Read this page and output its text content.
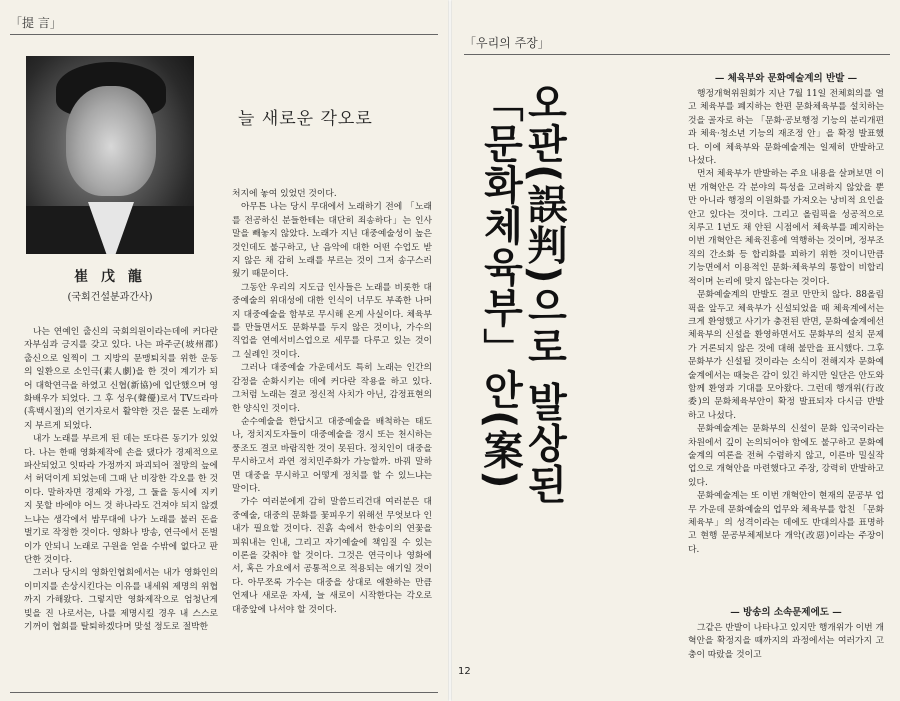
「提 言」
늘 새로운 각오로
崔 戊 龍
(국회건설분과간사)

나는 연예인 출신의 국회의원이라는데에 커다란 자부심과 긍지를 갖고 있다. 나는 파주군(坡州郡)출신으로 일찍이 그 지방의 문맹퇴치를 위한 운동의 일환으로 소인극(素人劇)을 한 것이 계기가 되어 대학연극을 하였고 신협(新協)에 입단했으며 영화배우가 되었다. 그 후 성우(聲優)로서 TV드라마(흑백시절)의 연기자로서 활약한 것은 물론 노래까지 부르게 되었다.

내가 노래를 부르게 된 데는 또다른 동기가 있었다. 나는 한때 영화제작에 손을 댔다가 경제적으로 파산되었고 잇따라 가정까지 파괴되어 절망의 늪에서 허덕이게 되었는데 그때 난 비장한 각오를 한 것이다. 말하자면 경제와 가정, 그 둘을 동시에 지키지 못할 바에야 어느 것 하나라도 건져야 되지 않겠느냐는 생각에서 밤무대에 나가 노래를 불러 돈을 벌기로 작정한 것이다. 영화나 방송, 연극에서 돈벌이가 안되니 노래로 구원을 얻을 수밖에 없다고 판단한 것이다.

그러나 당시의 영화인협회에서는 내가 영화인의 이미지를 손상시킨다는 이유를 내세워 제명의 위협까지 가해왔다. 그렇지만 영화제작으로 엄청난게 빚을 진 나로서는, 나를 제명시킬 경우 내 스스로 기꺼이 협회를 탈퇴하겠다며 맞설 정도로 절박한

처지에 놓여 있었던 것이다.

아무튼 나는 당시 무대에서 노래하기 전에 「노래를 전공하신 분들한테는 대단히 죄송하다」는 인사말을 빼놓지 않았다. 노래가 지닌 대중예술성이 높은 것인데도 불구하고, 난 음악에 대한 어떤 수업도 받지 않은 채 감히 노래를 부르는 것이 그저 송구스러웠기 때문이다.

그동안 우리의 지도급 인사들은 노래를 비롯한 대중예술의 위대성에 대한 인식이 너무도 부족한 나머지 대중예술을 함부로 무시해 온게 사실이다. 체육부를 만들면서도 문화부를 두지 않은 것이나, 가수의 직업을 연예서비스업으로 세무를 다루고 있는 것이 그 실례인 것이다.

그러나 대중예술 가운데서도 특히 노래는 인간의 감정을 순화시키는 데에 커다란 작용을 하고 있다. 그처럼 노래는 결코 정신적 사치가 아닌, 감정표현의 한 양식인 것이다.

순수예술을 한답시고 대중예술을 배척하는 태도나, 정치지도자들이 대중예술을 경시 또는 천시하는 풍조도 결코 바람직한 것이 못된다. 정치인이 대중을 무시하고서 과연 정치민주화가 가능할까. 바꿔 말하면 대중을 무시하고 어떻게 정치를 할 수 있느냐는 말이다.

가수 여러분에게 감히 말씀드리건대 여러분은 대중예술, 대중의 문화를 꽃피우기 위해선 무엇보다 인내가 필요할 것이다. 진흙 속에서 한송이의 연꽃을 피워내는 인내, 그리고 자기예술에 책임질 수 있는 이론을 갖춰야 할 것이다. 그것은 연극이나 영화에서, 혹은 가요에서 공통적으로 적용되는 얘기일 것이다. 아무쪼록 가수는 대중을 상대로 애환하는 만큼 언제나 새로운 자세, 늘 새로이 시작한다는 각오로 대중앞에 나서야 할 것이다.

「우리의 주장」
오판(誤判)으로 발상된
「문화체육부」안(案)
— 체육부와 문화예술계의 반발 —

행정개혁위원회가 지난 7월 11일 전체회의를 열고 체육부를 폐지하는 한편 문화체육부를 설치하는 것을 골자로 하는 「문화·공보행정 기능의 분리개편과 체육·청소년 기능의 재조정 안」을 확정 발표했다. 이에 체육부와 문화예술계는 일제히 반발하고 나섰다.

먼저 체육부가 반발하는 주요 내용을 살펴보면 이번 개혁안은 각 분야의 특성을 고려하지 않았을 뿐만 아니라 행정의 이원화를 가져오는 낭비적 요인을 안고 있다는 것이다. 그리고 올림픽을 성공적으로 치루고 1년도 채 안된 시점에서 체육부를 폐지하는 이번 개혁안은 체육진흥에 역행하는 것이며, 정부조직의 간소화 등 합리화를 꾀하기 위한 것이니만큼 기능면에서 이용적인 문화·체육부의 통합이 비합리적이며 논리에 맞지 않는다는 것이다.

문화예술계의 반발도 결코 만만치 않다. 88올림픽을 앞두고 체육부가 신설되었을 때 체육계에서는 크게 환영했고 사기가 충전된 반면, 문화예술계에선 체육부의 신설을 환영하면서도 문화부의 설치 문제가 거론되지 않은 것에 대해 불만을 표시했다. 그후 문화부가 신설될 것이라는 소식이 전해지자 문화예술계에서는 때늦은 감이 있긴 하지만 일단은 안도와 함께 환영과 기대를 모아왔다. 그런데 행개위(行改委)의 문화체육부안이 확정 발표되자 다시금 반발하고 나섰다.

문화예술계는 문화부의 신설이 문화 입국이라는 차원에서 깊이 논의되어야 함에도 불구하고 문화예술계의 여론을 전혀 수렴하지 않고, 이른바 밀실작업으로 개혁안을 마련했다고 주장, 강력히 반발하고 있다.

문화예술계는 또 이번 개혁안이 현재의 문공부 업무 가운데 문화예술의 업무와 체육부를 합친 「문화체육부」의 성격이라는 데에도 반대의사를 표명하고 현행 문공부체제보다 개악(改惡)이라는 주장이다.

— 방송의 소속문제에도 —

그같은 반발이 나타나고 있지만 행개위가 이번 개혁안을 확정지을 때까지의 과정에서는 여러가지 고충이 따랐을 것이고

12
